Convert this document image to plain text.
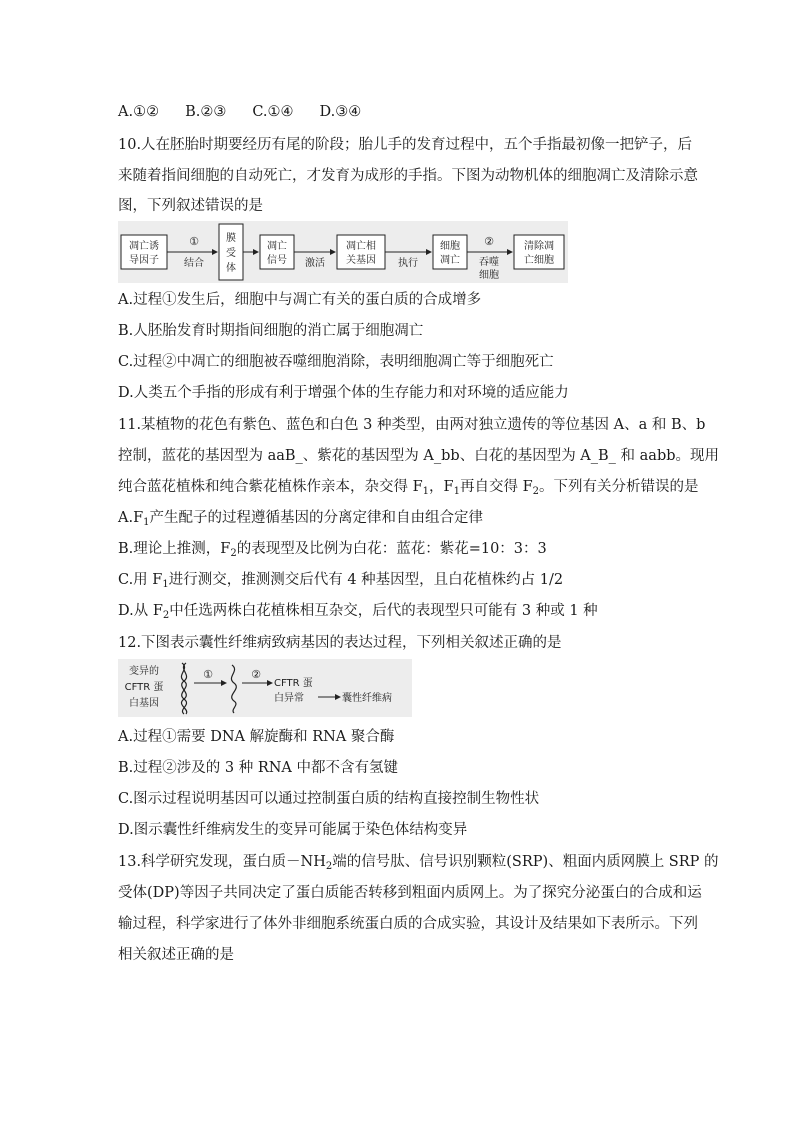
A.①② B.②③ C.①④ D.③④
10.人在胚胎时期要经历有尾的阶段；胎儿手的发育过程中，五个手指最初像一把铲子，后
来随着指间细胞的自动死亡，才发育为成形的手指。下图为动物机体的细胞凋亡及清除示意
图，下列叙述错误的是
凋亡诱
导因子
①
结合
膜
受
体
凋亡
信号 激活
凋亡相
关基因 执行
细胞
凋亡
②
吞噬
细胞
清除凋
亡细胞
A.过程①发生后，细胞中与凋亡有关的蛋白质的合成增多
B.人胚胎发育时期指间细胞的消亡属于细胞凋亡
C.过程②中凋亡的细胞被吞噬细胞消除，表明细胞凋亡等于细胞死亡
D.人类五个手指的形成有利于增强个体的生存能力和对环境的适应能力
11.某植物的花色有紫色、蓝色和白色 3 种类型，由两对独立遗传的等位基因 A、a 和 B、b
控制，蓝花的基因型为 aaB_、紫花的基因型为 A_bb、白花的基因型为 A_B_ 和 aabb。现用
纯合蓝花植株和纯合紫花植株作亲本，杂交得 $F_1$，$F_1$再自交得 $F_2$。下列有关分析错误的是
$A.F_1$产生配子的过程遵循基因的分离定律和自由组合定律
B.理论上推测，$F_2$的表现型及比例为白花：蓝花：紫花=10：3：3
C.用 $F_1$进行测交，推测测交后代有 4 种基因型，且白花植株约占 1/2
D.从 $F_2$中任选两株白花植株相互杂交，后代的表现型只可能有 3 种或 1 种
12.下图表示囊性纤维病致病基因的表达过程，下列相关叙述正确的是
变异的
CFTR 蛋
白基因
①	②
CFTR 蛋
白异常	囊性纤维病
A.过程①需要 DNA 解旋酶和 RNA 聚合酶
B.过程②涉及的 3 种 RNA 中都不含有氢键
C.图示过程说明基因可以通过控制蛋白质的结构直接控制生物性状
D.图示囊性纤维病发生的变异可能属于染色体结构变异
13.科学研究发现，蛋白质$-NH_2$端的信号肽、信号识别颗粒(SRP)、粗面内质网膜上 SRP 的
受体(DP)等因子共同决定了蛋白质能否转移到粗面内质网上。为了探究分泌蛋白的合成和运
输过程，科学家进行了体外非细胞系统蛋白质的合成实验，其设计及结果如下表所示。下列
相关叙述正确的是
